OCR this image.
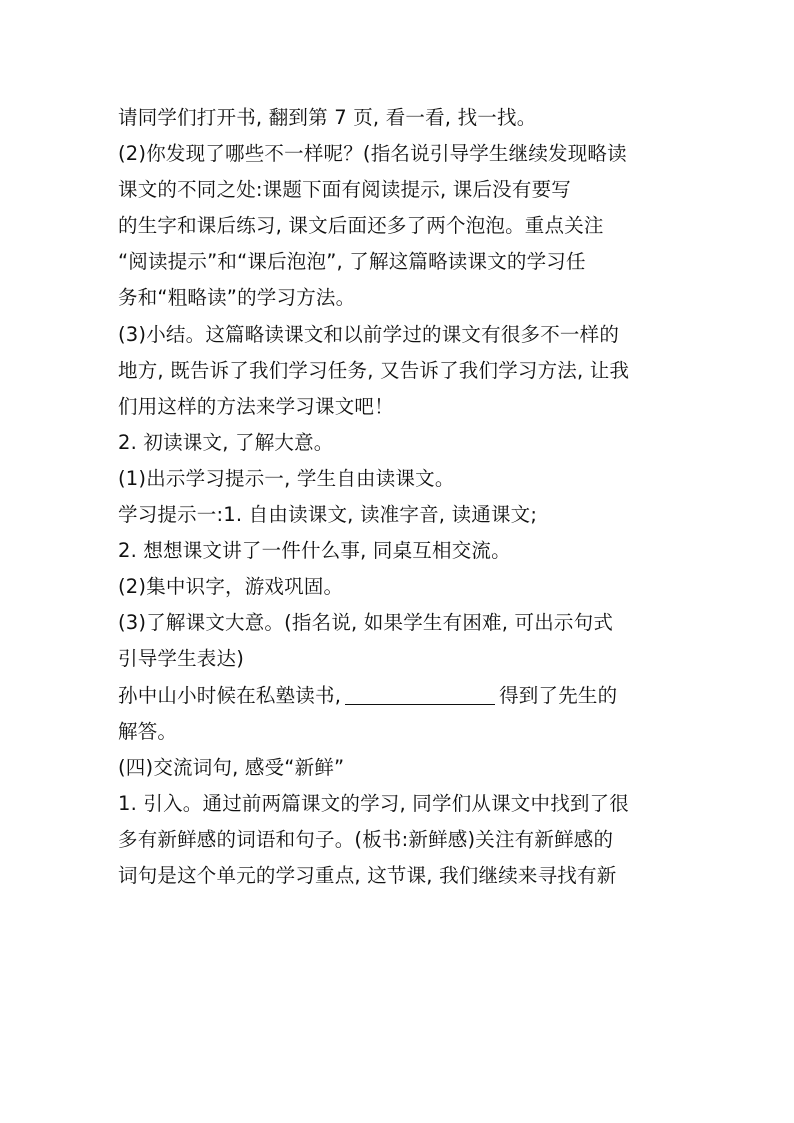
请同学们打开书, 翻到第 7 页, 看一看, 找一找。
(2)你发现了哪些不一样呢？(指名说引导学生继续发现略读
课文的不同之处:课题下面有阅读提示, 课后没有要写
的生字和课后练习, 课文后面还多了两个泡泡。重点关注
“阅读提示”和“课后泡泡”, 了解这篇略读课文的学习任
务和“粗略读”的学习方法。
(3)小结。这篇略读课文和以前学过的课文有很多不一样的
地方, 既告诉了我们学习任务, 又告诉了我们学习方法, 让我
们用这样的方法来学习课文吧！
2. 初读课文, 了解大意。
(1)出示学习提示一, 学生自由读课文。
学习提示一:1. 自由读课文, 读准字音, 读通课文;
2. 想想课文讲了一件什么事, 同桌互相交流。
(2)集中识字，游戏巩固。
(3)了解课文大意。(指名说, 如果学生有困难, 可出示句式
引导学生表达)
孙中山小时候在私塾读书,	得到了先生的
解答。
(四)交流词句, 感受“新鲜”
1. 引入。通过前两篇课文的学习, 同学们从课文中找到了很
多有新鲜感的词语和句子。(板书:新鲜感)关注有新鲜感的
词句是这个单元的学习重点, 这节课, 我们继续来寻找有新
